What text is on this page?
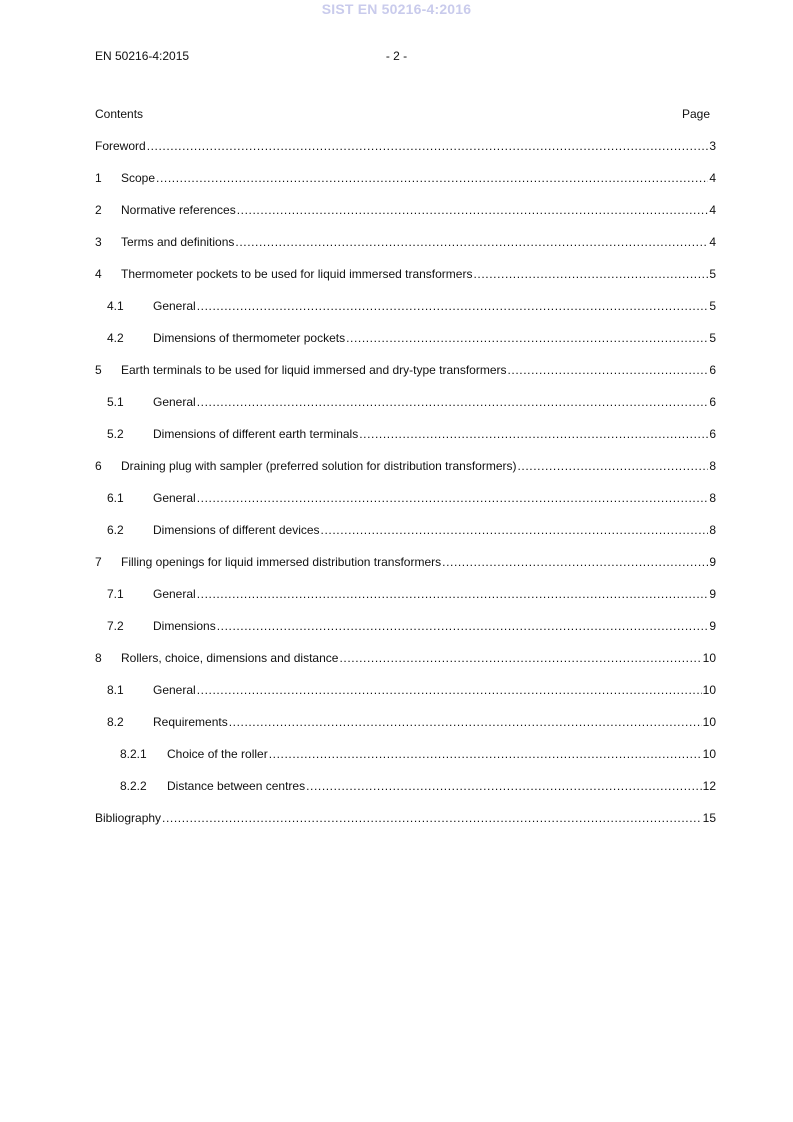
SIST EN 50216-4:2016
EN 50216-4:2015	- 2 -
Contents	Page
Foreword .....	3
1	Scope .....	4
2	Normative references .....	4
3	Terms and definitions .....	4
4	Thermometer pockets to be used for liquid immersed transformers .....	5
4.1	General .....	5
4.2	Dimensions of thermometer pockets .....	5
5	Earth terminals to be used for liquid immersed and dry-type transformers .....	6
5.1	General .....	6
5.2	Dimensions of different earth terminals .....	6
6	Draining plug with sampler (preferred solution for distribution transformers) .....	8
6.1	General .....	8
6.2	Dimensions of different devices .....	8
7	Filling openings for liquid immersed distribution transformers .....	9
7.1	General .....	9
7.2	Dimensions .....	9
8	Rollers, choice, dimensions and distance .....	10
8.1	General .....	10
8.2	Requirements .....	10
8.2.1	Choice of the roller .....	10
8.2.2	Distance between centres .....	12
Bibliography .....	15
